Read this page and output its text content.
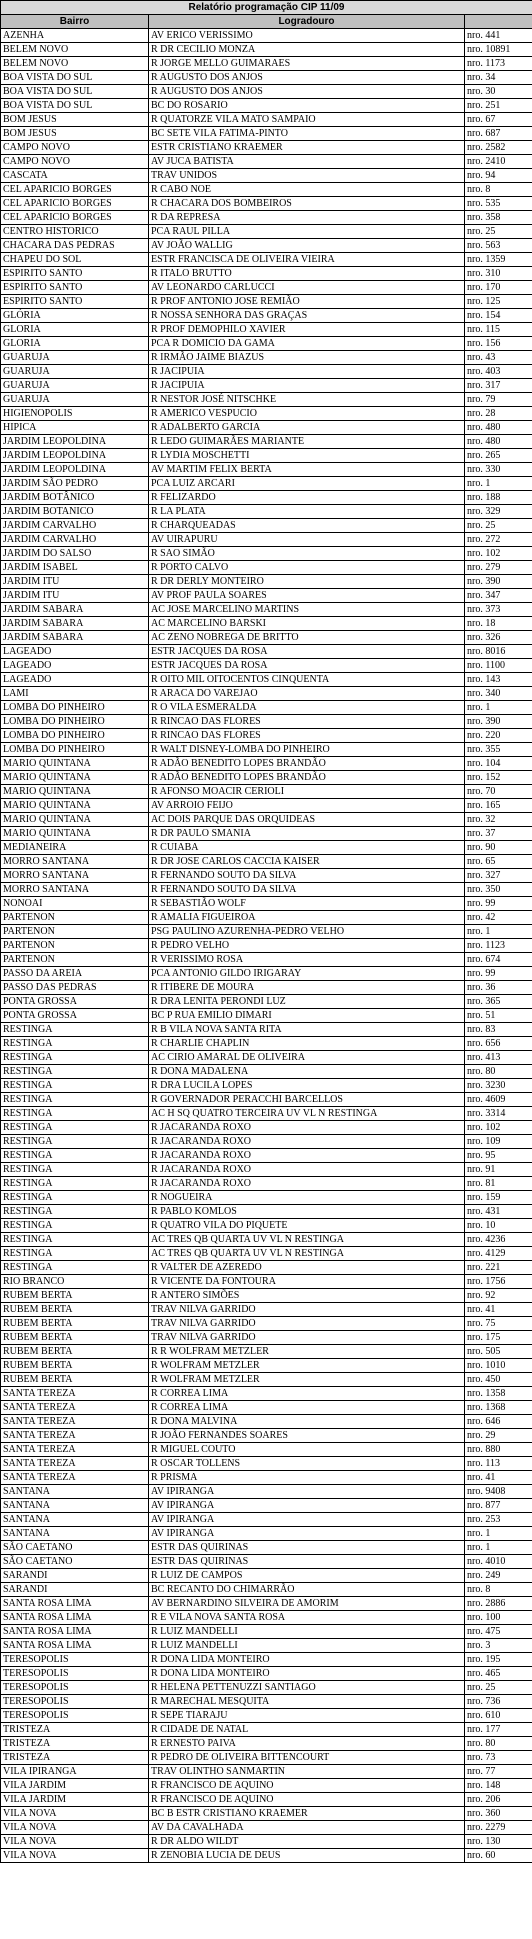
Relatório programação CIP 11/09		
Bairro	Logradouro	
AZENHA	AV ERICO VERISSIMO	nro. 441
BELEM NOVO	R DR CECILIO MONZA	nro. 10891
BELEM NOVO	R JORGE MELLO GUIMARAES	nro. 1173
BOA VISTA DO SUL	R AUGUSTO DOS ANJOS	nro. 34
BOA VISTA DO SUL	R AUGUSTO DOS ANJOS	nro. 30
BOA VISTA DO SUL	BC DO ROSARIO	nro. 251
BOM JESUS	R QUATORZE VILA MATO SAMPAIO	nro. 67
BOM JESUS	BC SETE VILA FATIMA-PINTO	nro. 687
CAMPO NOVO	ESTR CRISTIANO KRAEMER	nro. 2582
CAMPO NOVO	AV JUCA BATISTA	nro. 2410
CASCATA	TRAV UNIDOS	nro. 94
CEL APARICIO BORGES	R CABO NOE	nro. 8
CEL APARICIO BORGES	R CHACARA DOS BOMBEIROS	nro. 535
CEL APARICIO BORGES	R DA REPRESA	nro. 358
CENTRO HISTORICO	PCA RAUL PILLA	nro. 25
CHACARA DAS PEDRAS	AV JOÃO WALLIG	nro. 563
CHAPEU DO SOL	ESTR FRANCISCA DE OLIVEIRA VIEIRA	nro. 1359
ESPIRITO SANTO	R ITALO BRUTTO	nro. 310
ESPIRITO SANTO	AV LEONARDO CARLUCCI	nro. 170
ESPIRITO SANTO	R PROF ANTONIO JOSE REMIÃO	nro. 125
GLÓRIA	R NOSSA SENHORA DAS GRAÇAS	nro. 154
GLORIA	R PROF DEMOPHILO XAVIER	nro. 115
GLORIA	PCA R DOMICIO DA GAMA	nro. 156
GUARUJA	R IRMÃO JAIME BIAZUS	nro. 43
GUARUJA	R JACIPUIA	nro. 403
GUARUJA	R JACIPUIA	nro. 317
GUARUJA	R NESTOR JOSÉ NITSCHKE	nro. 79
HIGIENOPOLIS	R AMERICO VESPUCIO	nro. 28
HIPICA	R ADALBERTO GARCIA	nro. 480
JARDIM LEOPOLDINA	R LEDO GUIMARÃES MARIANTE	nro. 480
JARDIM LEOPOLDINA	R LYDIA MOSCHETTI	nro. 265
JARDIM LEOPOLDINA	AV MARTIM FELIX BERTA	nro. 330
JARDIM SÃO PEDRO	PCA LUIZ ARCARI	nro. 1
JARDIM BOTÂNICO	R FELIZARDO	nro. 188
JARDIM BOTANICO	R LA PLATA	nro. 329
JARDIM CARVALHO	R CHARQUEADAS	nro. 25
JARDIM CARVALHO	AV UIRAPURU	nro. 272
JARDIM DO SALSO	R SAO SIMÃO	nro. 102
JARDIM ISABEL	R PORTO CALVO	nro. 279
JARDIM ITU	R DR DERLY MONTEIRO	nro. 390
JARDIM ITU	AV PROF PAULA SOARES	nro. 347
JARDIM SABARA	AC JOSE MARCELINO MARTINS	nro. 373
JARDIM SABARA	AC MARCELINO BARSKI	nro. 18
JARDIM SABARA	AC ZENO NOBREGA DE BRITTO	nro. 326
LAGEADO	ESTR JACQUES DA ROSA	nro. 8016
LAGEADO	ESTR JACQUES DA ROSA	nro. 1100
LAGEADO	R OITO MIL OITOCENTOS CINQUENTA	nro. 143
LAMI	R ARACA DO VAREJAO	nro. 340
LOMBA DO PINHEIRO	R O VILA ESMERALDA	nro. 1
LOMBA DO PINHEIRO	R RINCAO DAS FLORES	nro. 390
LOMBA DO PINHEIRO	R RINCAO DAS FLORES	nro. 220
LOMBA DO PINHEIRO	R WALT DISNEY-LOMBA DO PINHEIRO	nro. 355
MARIO QUINTANA	R ADÃO BENEDITO LOPES BRANDÃO	nro. 104
MARIO QUINTANA	R ADÃO BENEDITO LOPES BRANDÃO	nro. 152
MARIO QUINTANA	R AFONSO MOACIR CERIOLI	nro. 70
MARIO QUINTANA	AV ARROIO FEIJO	nro. 165
MARIO QUINTANA	AC DOIS PARQUE DAS ORQUIDEAS	nro. 32
MARIO QUINTANA	R DR PAULO SMANIA	nro. 37
MEDIANEIRA	R CUIABA	nro. 90
MORRO SANTANA	R DR JOSE CARLOS CACCIA KAISER	nro. 65
MORRO SANTANA	R FERNANDO SOUTO DA SILVA	nro. 327
MORRO SANTANA	R FERNANDO SOUTO DA SILVA	nro. 350
NONOAI	R SEBASTIÃO WOLF	nro. 99
PARTENON	R AMALIA FIGUEIROA	nro. 42
PARTENON	PSG PAULINO AZURENHA-PEDRO VELHO	nro. 1
PARTENON	R PEDRO VELHO	nro. 1123
PARTENON	R VERISSIMO ROSA	nro. 674
PASSO DA AREIA	PCA ANTONIO GILDO IRIGARAY	nro. 99
PASSO DAS PEDRAS	R ITIBERE DE MOURA	nro. 36
PONTA GROSSA	R DRA LENITA PERONDI LUZ	nro. 365
PONTA GROSSA	BC P RUA EMILIO DIMARI	nro. 51
RESTINGA	R B VILA NOVA SANTA RITA	nro. 83
RESTINGA	R CHARLIE CHAPLIN	nro. 656
RESTINGA	AC CIRIO AMARAL DE OLIVEIRA	nro. 413
RESTINGA	R DONA MADALENA	nro. 80
RESTINGA	R DRA LUCILA LOPES	nro. 3230
RESTINGA	R GOVERNADOR PERACCHI BARCELLOS	nro. 4609
RESTINGA	AC H SQ QUATRO TERCEIRA UV VL N RESTINGA	nro. 3314
RESTINGA	R JACARANDA ROXO	nro. 102
RESTINGA	R JACARANDA ROXO	nro. 109
RESTINGA	R JACARANDA ROXO	nro. 95
RESTINGA	R JACARANDA ROXO	nro. 91
RESTINGA	R JACARANDA ROXO	nro. 81
RESTINGA	R NOGUEIRA	nro. 159
RESTINGA	R PABLO KOMLOS	nro. 431
RESTINGA	R QUATRO VILA DO PIQUETE	nro. 10
RESTINGA	AC TRES QB QUARTA UV VL N RESTINGA	nro. 4236
RESTINGA	AC TRES QB QUARTA UV VL N RESTINGA	nro. 4129
RESTINGA	R VALTER DE AZEREDO	nro. 221
RIO BRANCO	R VICENTE DA FONTOURA	nro. 1756
RUBEM BERTA	R ANTERO SIMÕES	nro. 92
RUBEM BERTA	TRAV NILVA GARRIDO	nro. 41
RUBEM BERTA	TRAV NILVA GARRIDO	nro. 75
RUBEM BERTA	TRAV NILVA GARRIDO	nro. 175
RUBEM BERTA	R R WOLFRAM METZLER	nro. 505
RUBEM BERTA	R WOLFRAM METZLER	nro. 1010
RUBEM BERTA	R WOLFRAM METZLER	nro. 450
SANTA TEREZA	R CORREA LIMA	nro. 1358
SANTA TEREZA	R CORREA LIMA	nro. 1368
SANTA TEREZA	R DONA MALVINA	nro. 646
SANTA TEREZA	R JOÃO FERNANDES SOARES	nro. 29
SANTA TEREZA	R MIGUEL COUTO	nro. 880
SANTA TEREZA	R OSCAR TOLLENS	nro. 113
SANTA TEREZA	R PRISMA	nro. 41
SANTANA	AV IPIRANGA	nro. 9408
SANTANA	AV IPIRANGA	nro. 877
SANTANA	AV IPIRANGA	nro. 253
SANTANA	AV IPIRANGA	nro. 1
SÃO CAETANO	ESTR DAS QUIRINAS	nro. 1
SÃO CAETANO	ESTR DAS QUIRINAS	nro. 4010
SARANDI	R LUIZ DE CAMPOS	nro. 249
SARANDI	BC RECANTO DO CHIMARRÃO	nro. 8
SANTA ROSA LIMA	AV BERNARDINO SILVEIRA DE AMORIM	nro. 2886
SANTA ROSA LIMA	R E VILA NOVA SANTA ROSA	nro. 100
SANTA ROSA LIMA	R LUIZ MANDELLI	nro. 475
SANTA ROSA LIMA	R LUIZ MANDELLI	nro. 3
TERESOPOLIS	R DONA LIDA MONTEIRO	nro. 195
TERESOPOLIS	R DONA LIDA MONTEIRO	nro. 465
TERESOPOLIS	R HELENA PETTENUZZI SANTIAGO	nro. 25
TERESOPOLIS	R MARECHAL MESQUITA	nro. 736
TERESOPOLIS	R SEPE TIARAJU	nro. 610
TRISTEZA	R CIDADE DE NATAL	nro. 177
TRISTEZA	R ERNESTO PAIVA	nro. 80
TRISTEZA	R PEDRO DE OLIVEIRA BITTENCOURT	nro. 73
VILA IPIRANGA	TRAV OLINTHO SANMARTIN	nro. 77
VILA JARDIM	R FRANCISCO DE AQUINO	nro. 148
VILA JARDIM	R FRANCISCO DE AQUINO	nro. 206
VILA NOVA	BC B ESTR CRISTIANO KRAEMER	nro. 360
VILA NOVA	AV DA CAVALHADA	nro. 2279
VILA NOVA	R DR ALDO WILDT	nro. 130
VILA NOVA	R ZENOBIA LUCIA DE DEUS	nro. 60
